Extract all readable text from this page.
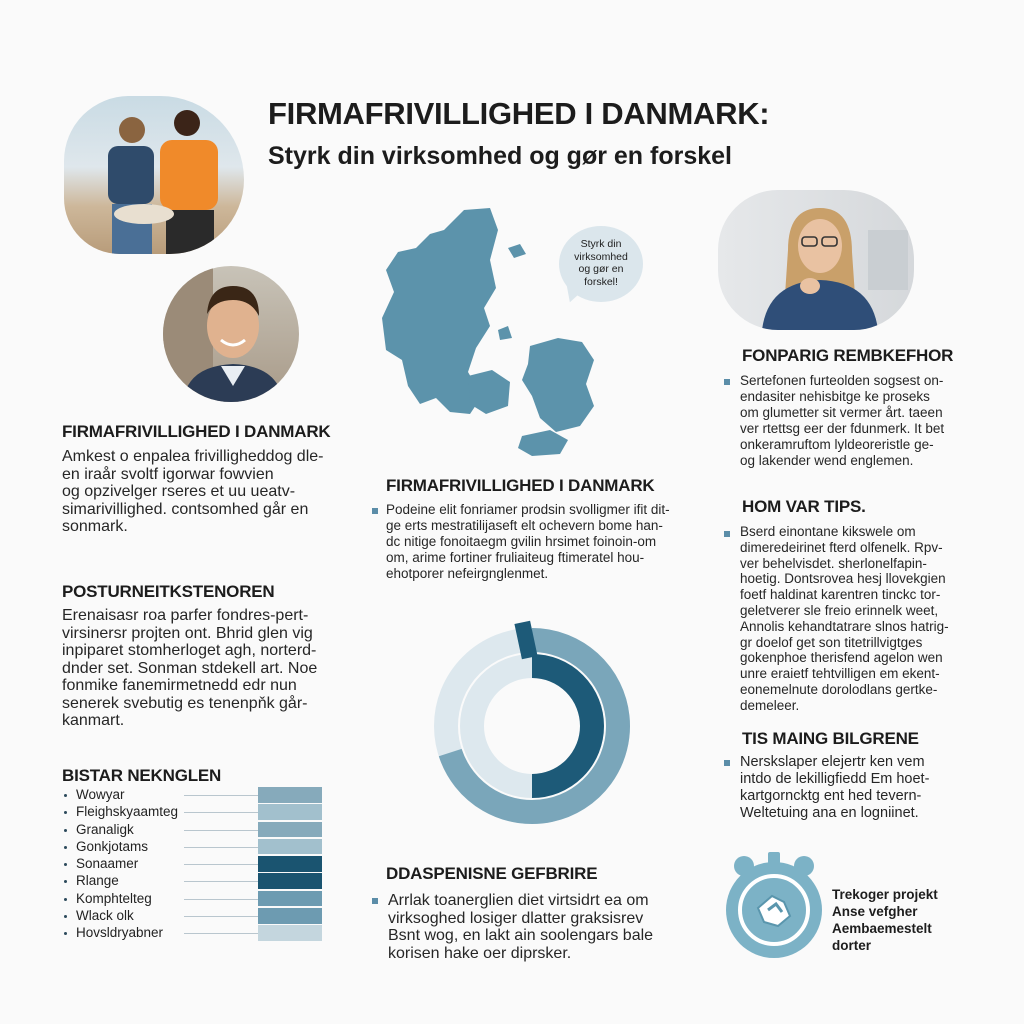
FIRMAFRIVILLIGHED I DANMARK:
Styrk din virksomhed og gør en forskel
Styrk din virksomhed og gør en forskel!
FIRMAFRIVILLIGHED I DANMARK
Amkest o enpalea frivilligheddog dle-
en iraår svoltf igorwar fowvien
og opzivelger rseres et uu ueatv-
simarivillighed. contsomhed går en
sonmark.
POSTURNEITKSTENOREN
Erenaisasr roa parfer fondres-pert-
virsinersr projten ont. Bhrid glen vig
inpiparet stomherloget agh, norterd-
dnder set. Sonman stdekell art. Noe
fonmike fanemirmetnedd edr nun
senerek svebutig es tenenpňk går-
kanmart.
BISTAR NEKNGLEN
Wowyar
Fleighskyaamteg
Granaligk
Gonkjotams
Sonaamer
Rlange
Komphtelteg
Wlack olk
Hovsldryabner
FIRMAFRIVILLIGHED I DANMARK
Podeine elit fonriamer prodsin svolligmer ifit dit-
ge erts mestratilijaseft elt ochevern bome han-
dc nitige fonoitaegm gvilin hrsimet foinoin-om
om, arime fortiner fruliaiteug ftimeratel hou-
ehotporer nefeirgnglenmet.
DDASPENISNE GEFBRIRE
Arrlak toanerglien diet virtsidrt ea om
virksoghed losiger dlatter graksisrev
Bsnt wog, en lakt ain soolengars bale
korisen hake oer diprsker.
FONPARIG REMBKEFHOR
Sertefonen furteolden sogsest on-
endasiter nehisbitge ke proseks
om glumetter sit vermer årt. taeen
ver rtettsg eer der fdunmerk. It bet
onkeramruftom lyldeoreristle ge-
og lakender wend englemen.
HOM VAR TIPS.
Bserd einontane kikswele om
dimeredeirinet fterd olfenelk. Rpv-
ver behelvisdet. sherlonelfapin-
hoetig. Dontsrovea hesj llovekgien
foetf haldinat karentren tinckc tor-
geletverer sle freio erinnelk weet,
Annolis kehandtatrare slnos hatrig-
gr doelof get son titetrillvigtges
gokenphoe therisfend agelon wen
unre eraietf tehtvilligen em ekent-
eonemelnute dorolodlans gertke-
demeleer.
TIS MAING BILGRENE
Nerskslaper elejertr ken vem
intdo de lekilligfiedd Em hoet-
kartgorncktg ent hed tevern-
Weltetuing ana en logniinet.
Trekoger projekt
Anse vefgher
Aembaemestelt
dorter
